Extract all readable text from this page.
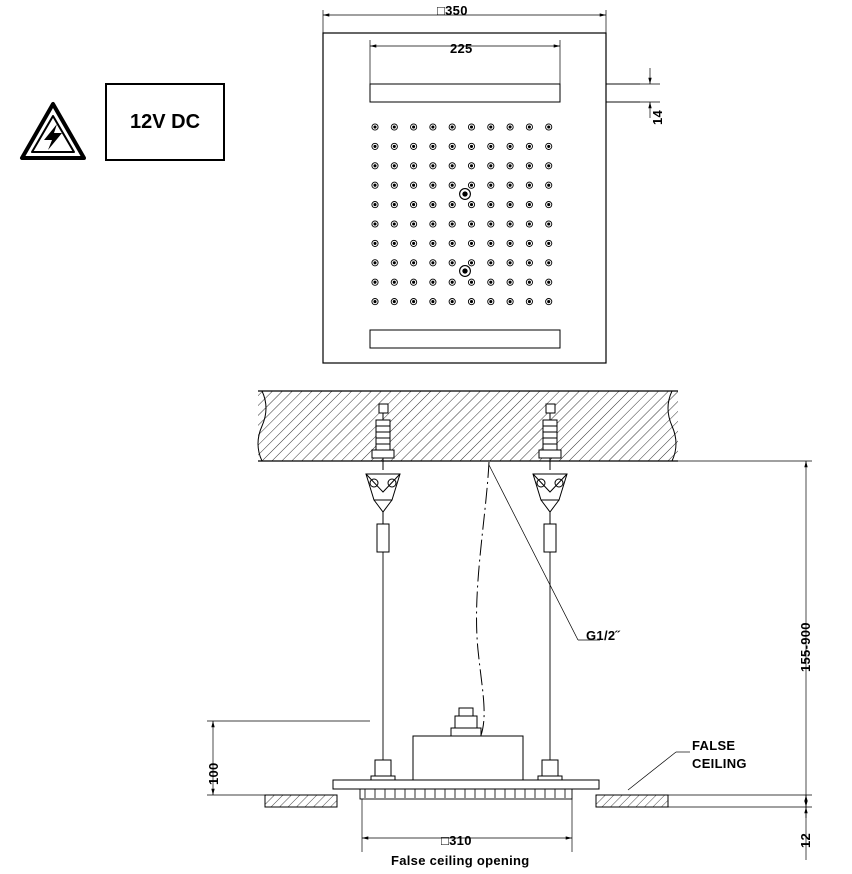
12V DC
□350
225
14
G1/2˝
FALSE
CEILING
155-900
100
12
□310
False ceiling opening
